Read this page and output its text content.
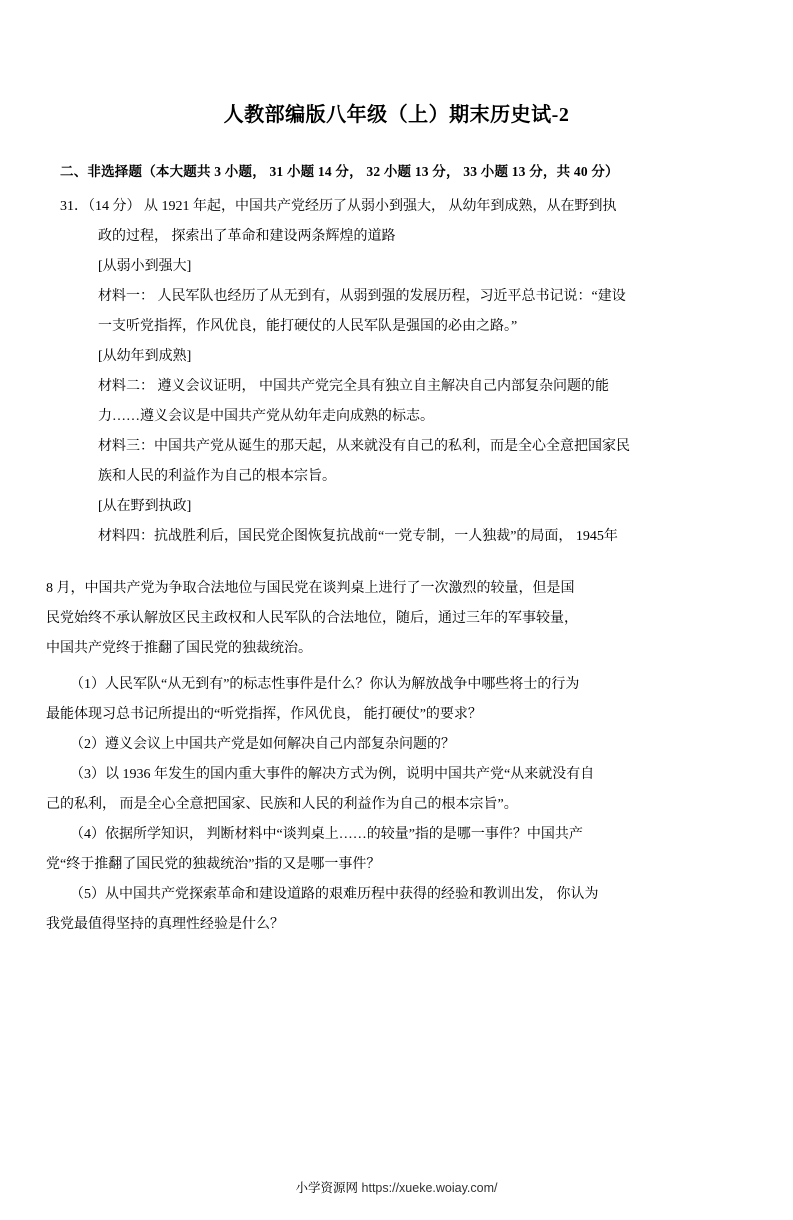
人教部编版八年级（上）期末历史试-2
二、非选择题（本大题共 3 小题， 31 小题 14 分， 32 小题 13 分， 33 小题 13 分，共 40 分）
31．（14 分） 从 1921 年起，中国共产党经历了从弱小到强大， 从幼年到成熟，从在野到执
政的过程， 探索出了革命和建设两条辉煌的道路
[从弱小到强大]
材料一： 人民军队也经历了从无到有，从弱到强的发展历程，习近平总书记说：“建设
一支听党指挥，作风优良，能打硬仗的人民军队是强国的必由之路。”
[从幼年到成熟]
材料二： 遵义会议证明， 中国共产党完全具有独立自主解决自己内部复杂问题的能
力……遵义会议是中国共产党从幼年走向成熟的标志。
材料三：中国共产党从诞生的那天起，从来就没有自己的私利，而是全心全意把国家民
族和人民的利益作为自己的根本宗旨。
[从在野到执政]
材料四：抗战胜利后，国民党企图恢复抗战前“一党专制，一人独裁”的局面， 1945年
8 月，中国共产党为争取合法地位与国民党在谈判桌上进行了一次激烈的较量，但是国
民党始终不承认解放区民主政权和人民军队的合法地位，随后，通过三年的军事较量，
中国共产党终于推翻了国民党的独裁统治。
（1）人民军队“从无到有”的标志性事件是什么？你认为解放战争中哪些将士的行为
最能体现习总书记所提出的“听党指挥，作风优良， 能打硬仗”的要求？
（2）遵义会议上中国共产党是如何解决自己内部复杂问题的？
（3）以 1936 年发生的国内重大事件的解决方式为例，说明中国共产党“从来就没有自
己的私利， 而是全心全意把国家、民族和人民的利益作为自己的根本宗旨”。
（4）依据所学知识， 判断材料中“谈判桌上……的较量”指的是哪一事件？中国共产
党“终于推翻了国民党的独裁统治”指的又是哪一事件？
（5）从中国共产党探索革命和建设道路的艰难历程中获得的经验和教训出发， 你认为
我党最值得坚持的真理性经验是什么？
小学资源网 https://xueke.woiay.com/
